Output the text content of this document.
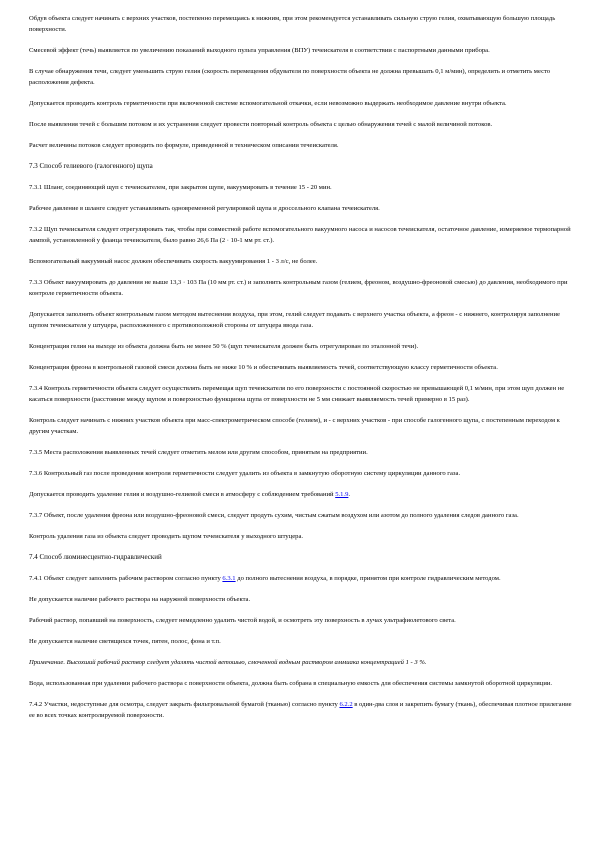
Обдув объекта следует начинать с верхних участков, постепенно перемещаясь к нижним, при этом рекомендуется устанавливать сильную струю гелия, охватывающую большую площадь поверхности.

Смесевой эффект (течь) выявляется по увеличению показаний выходного пульта управления (ВПУ) течеискателя в соответствии с паспортными данными прибора.

В случае обнаружения течи, следует уменьшить струю гелия (скорость перемещения обдувателя по поверхности объекта не должна превышать 0,1 м/мин), определить и отметить место расположения дефекта.

Допускается проводить контроль герметичности при включенной системе вспомогательной откачки, если невозможно выдержать необходимое давление внутри объекта.

После выявления течей с большим потоком и их устранения следует провести повторный контроль объекта с целью обнаружения течей с малой величиной потоков.

Расчет величины потоков следует проводить по формуле, приведенной в техническом описании течеискателя.

7.3 Способ гелиевого (галогенного) щупа

7.3.1 Шланг, соединяющий щуп с течеискателем, при закрытом щупе, вакуумировать в течение 15 - 20 мин.

Рабочее давление в шланге следует устанавливать одновременной регулировкой щупа и дроссельного клапана течеискателя.

7.3.2 Щуп течеискателя следует отрегулировать так, чтобы при совместной работе вспомогательного вакуумного насоса и насосов течеискателя, остаточное давление, измеряемое термопарной лампой, установленной у фланца течеискателя, было равно 26,6 Па (2 · 10-1 мм рт. ст.).

Вспомогательный вакуумный насос должен обеспечивать скорость вакуумирования 1 - 3 л/с, не более.

7.3.3 Объект вакуумировать до давления не выше 13,3 · 103 Па (10 мм рт. ст.) и заполнить контрольным газом (гелием, фреоном, воздушно-фреоновой смесью) до давления, необходимого при контроле герметичности объекта.

Допускается заполнять объект контрольным газом методом вытеснения воздуха, при этом, гелий следует подавать с верхнего участка объекта, а фреон - с нижнего, контролируя заполнение щупом течеискателя у штуцера, расположенного с противоположной стороны от штуцера ввода газа.

Концентрация гелия на выходе из объекта должна быть не менее 50 % (щуп течеискателя должен быть отрегулирован по эталонной течи).

Концентрация фреона в контрольной газовой смеси должна быть не ниже 10 % и обеспечивать выявляемость течей, соответствующую классу герметичности объекта.

7.3.4 Контроль герметичности объекта следует осуществлять перемещая щуп течеискателя по его поверхности с постоянной скоростью не превышающей 0,1 м/мин, при этом щуп должен не касаться поверхности (расстояние между щупом и поверхностью функциона щупа от поверхности не 5 мм снижает выявляемость течей примерно в 15 раз).

Контроль следует начинать с нижних участков объекта при масс-спектрометрическом способе (гелием), и - с верхних участков - при способе галогенного щупа, с постепенным переходом к другим участкам.

7.3.5 Места расположения выявленных течей следует отметить мелом или другим способом, принятым на предприятии.

7.3.6 Контрольный газ после проведения контроля герметичности следует удалить из объекта в замкнутую оборотную систему циркуляции данного газа.

Допускается проводить удаление гелия и воздушно-гелиевой смеси в атмосферу с соблюдением требований 5.1.9.

7.3.7 Объект, после удаления фреона или воздушно-фреоновой смеси, следует продуть сухим, чистым сжатым воздухом или азотом до полного удаления следов данного газа.

Контроль удаления газа из объекта следует проводить щупом течеискателя у выходного штуцера.

7.4 Способ люминесцентно-гидравлический

7.4.1 Объект следует заполнить рабочим раствором согласно пункту 6.3.1 до полного вытеснения воздуха, в порядке, принятом при контроле гидравлическим методом.

Не допускается наличие рабочего раствора на наружной поверхности объекта.

Рабочий раствор, попавший на поверхность, следует немедленно удалить чистой водой, и осмотреть эту поверхность в лучах ультрафиолетового света.

Не допускается наличие светящихся точек, пятен, полос, фона и т.п.

Примечание. Высохший рабочий раствор следует удалять чистой ветошью, смоченной водным раствором аммиака концентрацией 1 - 3 %.

Вода, использованная при удалении рабочего раствора с поверхности объекта, должна быть собрана в специальную емкость для обеспечения системы замкнутой оборотной циркуляции.

7.4.2 Участки, недоступные для осмотра, следует закрыть фильтровальной бумагой (тканью) согласно пункту 6.2.2 в один-два слоя и закрепить бумагу (ткань), обеспечивая плотное прилегание ее во всех точках контролируемой поверхности.
